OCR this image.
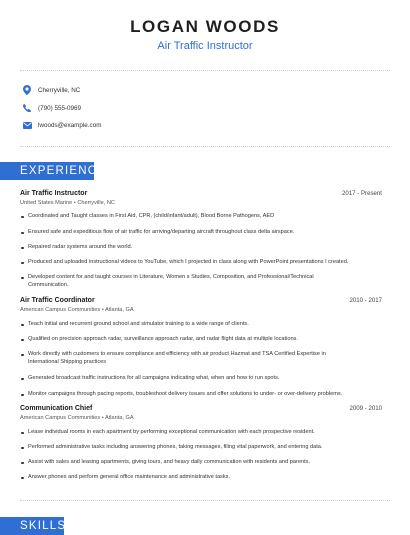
LOGAN WOODS
Air Traffic Instructor
Cherryville, NC
(790) 555-0969
lwoods@example.com
EXPERIENCE
Air Traffic Instructor	2017 - Present
United States Marine • Cherryville, NC
Coordinated and Taught classes in First Aid, CPR, (child/infant/adult), Blood Borne Pathogens, AED
Ensured safe and expeditious flow of air traffic for arriving/departing aircraft throughout class delta airspace.
Repaired radar systems around the world.
Produced and uploaded instructional videos to YouTube, which I projected in class along with PowerPoint presentations I created.
Developed content for and taught courses in Literature, Women s Studies, Composition, and Professional/Technical Communication.
Air Traffic Coordinator	2010 - 2017
American Campus Communities • Atlanta, GA
Teach initial and recurrent ground school and simulator training to a wide range of clients.
Qualified on precision approach radar, surveillance approach radar, and radar flight data at multiple locations.
Work directly with customers to ensure compliance and efficiency with air product Hazmat and TSA Certified Expertise in International Shipping practices
Generated broadcast traffic instructions for all campaigns indicating what, when and how to run spots.
Monitor campaigns through pacing reports, troubleshoot delivery issues and offer solutions to under- or over-delivery problems.
Communication Chief	2009 - 2010
American Campus Communities • Atlanta, GA
Lease individual rooms in each apartment by performing exceptional communication with each prospective resident.
Performed administrative tasks including answering phones, taking messages, filing vital paperwork, and entering data.
Assist with sales and leasing apartments, giving tours, and heavy daily communication with residents and parents.
Answer phones and perform general office maintenance and administrative tasks.
SKILLS
